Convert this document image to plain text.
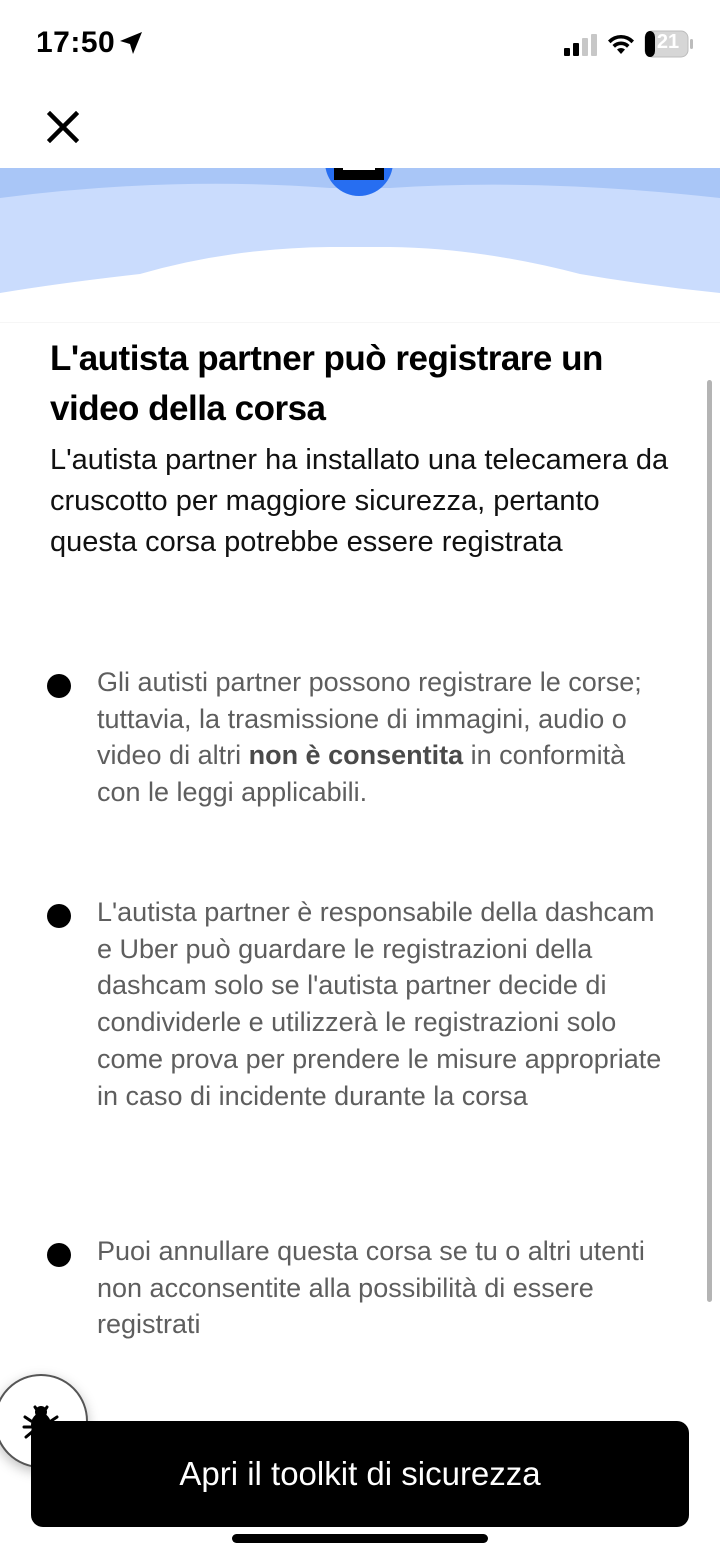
17:50	21
L'autista partner può registrare un video della corsa

L'autista partner ha installato una telecamera da cruscotto per maggiore sicurezza, pertanto questa corsa potrebbe essere registrata

Gli autisti partner possono registrare le corse; tuttavia, la trasmissione di immagini, audio o video di altri non è consentita in conformità con le leggi applicabili.

L'autista partner è responsabile della dashcam e Uber può guardare le registrazioni della dashcam solo se l'autista partner decide di condividerle e utilizzerà le registrazioni solo come prova per prendere le misure appropriate in caso di incidente durante la corsa

Puoi annullare questa corsa se tu o altri utenti non acconsentite alla possibilità di essere registrati

Apri il toolkit di sicurezza
